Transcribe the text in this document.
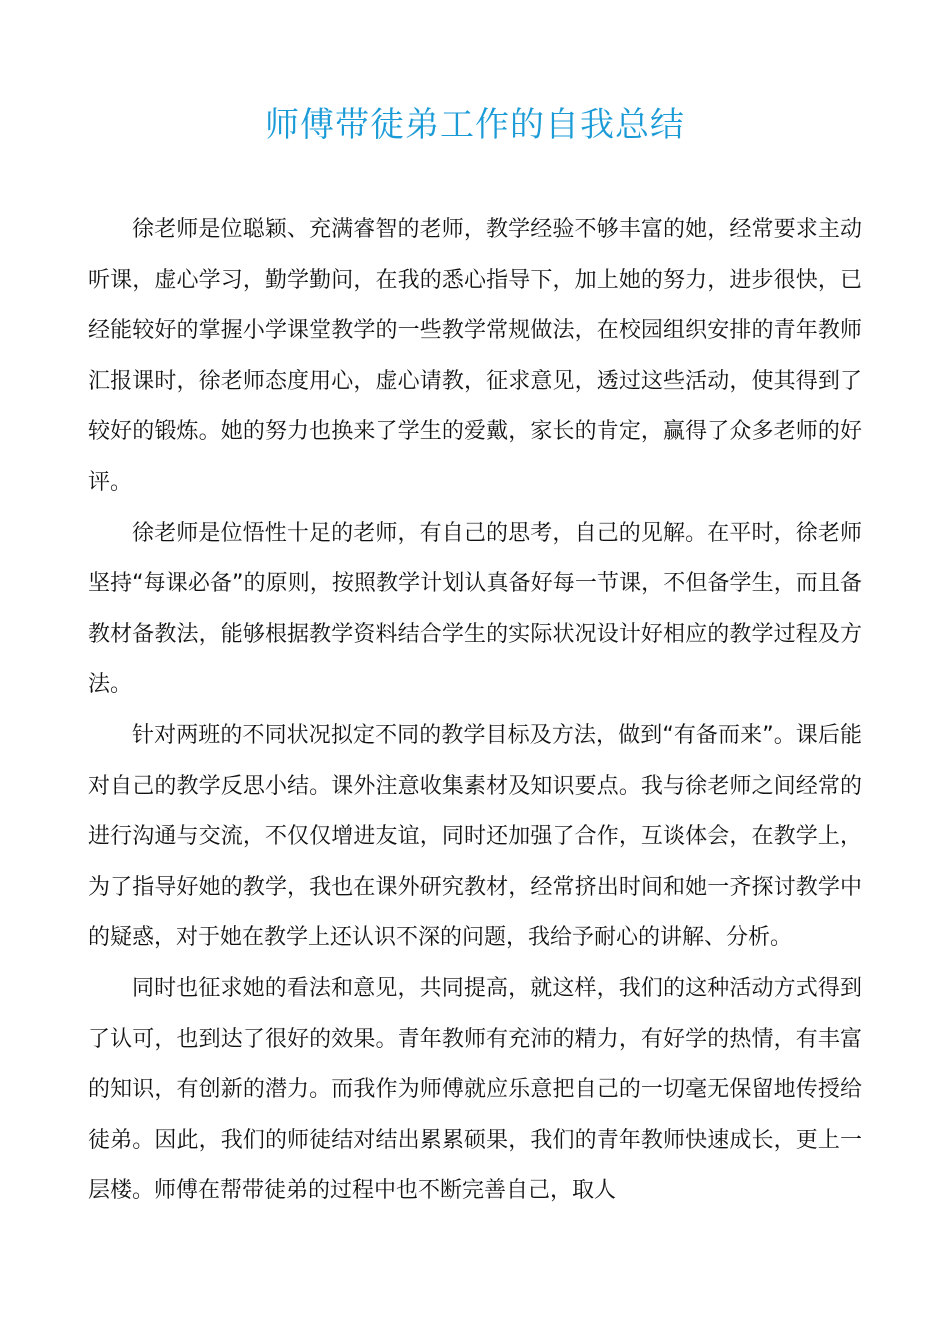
师傅带徒弟工作的自我总结

徐老师是位聪颖、充满睿智的老师，教学经验不够丰富的她，经常要求主动听课，虚心学习，勤学勤问，在我的悉心指导下，加上她的努力，进步很快，已经能较好的掌握小学课堂教学的一些教学常规做法，在校园组织安排的青年教师汇报课时，徐老师态度用心，虚心请教，征求意见，透过这些活动，使其得到了较好的锻炼。她的努力也换来了学生的爱戴，家长的肯定，赢得了众多老师的好评。

徐老师是位悟性十足的老师，有自己的思考，自己的见解。在平时，徐老师坚持“每课必备”的原则，按照教学计划认真备好每一节课，不但备学生，而且备教材备教法，能够根据教学资料结合学生的实际状况设计好相应的教学过程及方法。

针对两班的不同状况拟定不同的教学目标及方法，做到“有备而来”。课后能对自己的教学反思小结。课外注意收集素材及知识要点。我与徐老师之间经常的进行沟通与交流，不仅仅增进友谊，同时还加强了合作，互谈体会，在教学上，为了指导好她的教学，我也在课外研究教材，经常挤出时间和她一齐探讨教学中的疑惑，对于她在教学上还认识不深的问题，我给予耐心的讲解、分析。

同时也征求她的看法和意见，共同提高，就这样，我们的这种活动方式得到了认可，也到达了很好的效果。青年教师有充沛的精力，有好学的热情，有丰富的知识，有创新的潜力。而我作为师傅就应乐意把自己的一切毫无保留地传授给徒弟。因此，我们的师徒结对结出累累硕果，我们的青年教师快速成长，更上一层楼。师傅在帮带徒弟的过程中也不断完善自己，取人
